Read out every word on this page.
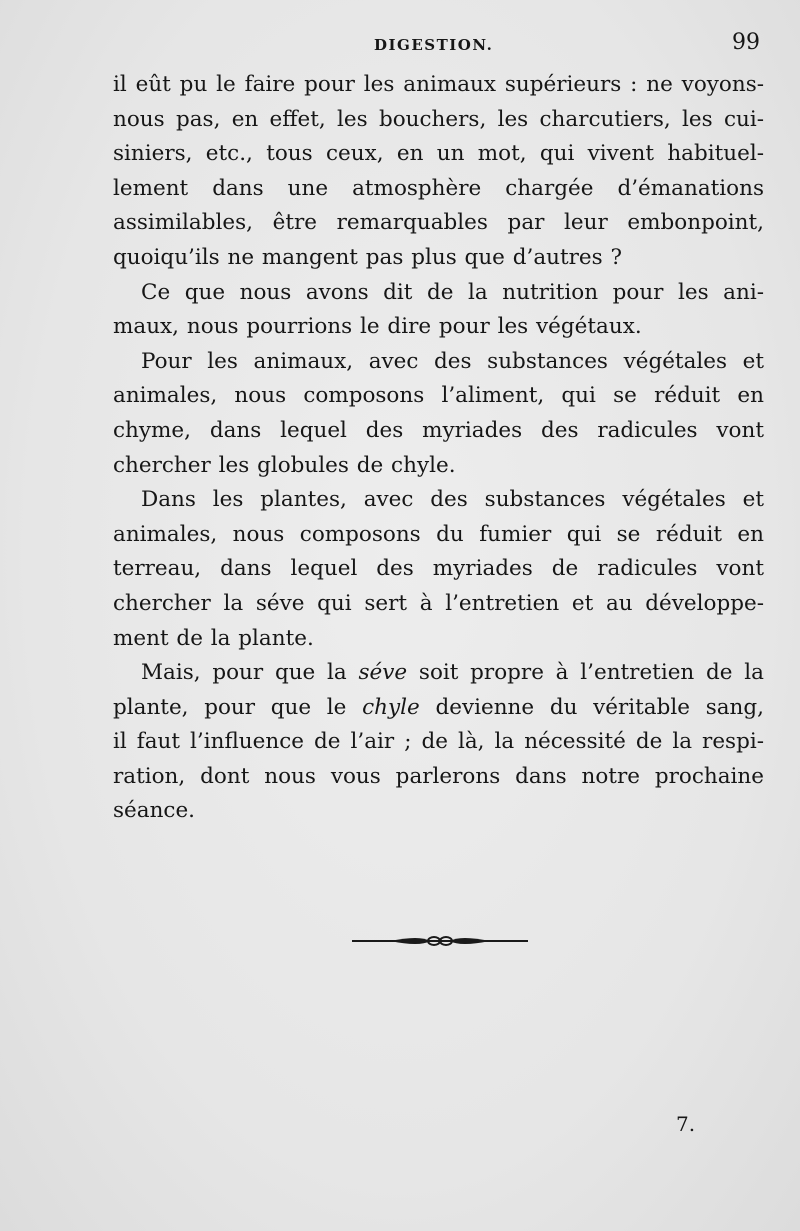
DIGESTION.	99
il eût pu le faire pour les animaux supérieurs : ne voyons-
nous pas, en effet, les bouchers, les charcutiers, les cui-
siniers, etc., tous ceux, en un mot, qui vivent habituel-
lement dans une atmosphère chargée d’émanations
assimilables, être remarquables par leur embonpoint,
quoiqu’ils ne mangent pas plus que d’autres ?
Ce que nous avons dit de la nutrition pour les ani-
maux, nous pourrions le dire pour les végétaux.
Pour les animaux, avec des substances végétales et
animales, nous composons l’aliment, qui se réduit en
chyme, dans lequel des myriades des radicules vont
chercher les globules de chyle.
Dans les plantes, avec des substances végétales et
animales, nous composons du fumier qui se réduit en
terreau, dans lequel des myriades de radicules vont
chercher la séve qui sert à l’entretien et au développe-
ment de la plante.
Mais, pour que la séve soit propre à l’entretien de la
plante, pour que le chyle devienne du véritable sang,
il faut l’influence de l’air ; de là, la nécessité de la respi-
ration, dont nous vous parlerons dans notre prochaine
séance.
7.
